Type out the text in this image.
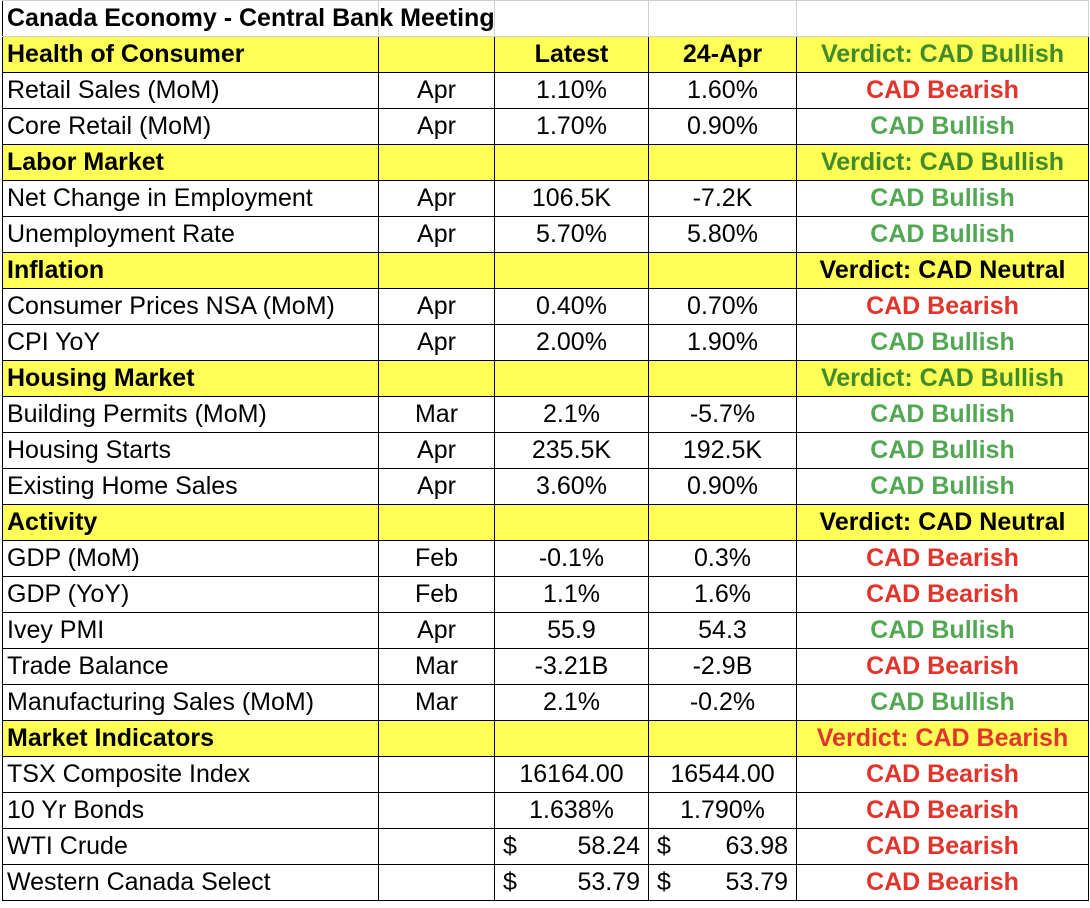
Canada Economy - Central Bank Meeting				
Health of Consumer		Latest	24-Apr	Verdict: CAD Bullish
Retail Sales (MoM)	Apr	1.10%	1.60%	CAD Bearish
Core Retail (MoM)	Apr	1.70%	0.90%	CAD Bullish
Labor Market				Verdict: CAD Bullish
Net Change in Employment	Apr	106.5K	-7.2K	CAD Bullish
Unemployment Rate	Apr	5.70%	5.80%	CAD Bullish
Inflation				Verdict: CAD Neutral
Consumer Prices NSA (MoM)	Apr	0.40%	0.70%	CAD Bearish
CPI YoY	Apr	2.00%	1.90%	CAD Bullish
Housing Market				Verdict: CAD Bullish
Building Permits (MoM)	Mar	2.1%	-5.7%	CAD Bullish
Housing Starts	Apr	235.5K	192.5K	CAD Bullish
Existing Home Sales	Apr	3.60%	0.90%	CAD Bullish
Activity				Verdict: CAD Neutral
GDP (MoM)	Feb	-0.1%	0.3%	CAD Bearish
GDP (YoY)	Feb	1.1%	1.6%	CAD Bearish
Ivey PMI	Apr	55.9	54.3	CAD Bullish
Trade Balance	Mar	-3.21B	-2.9B	CAD Bearish
Manufacturing Sales (MoM)	Mar	2.1%	-0.2%	CAD Bullish
Market Indicators				Verdict: CAD Bearish
TSX Composite Index		16164.00	16544.00	CAD Bearish
10 Yr Bonds		1.638%	1.790%	CAD Bearish
WTI Crude		$ 58.24	$ 63.98	CAD Bearish
Western Canada Select		$ 53.79	$ 53.79	CAD Bearish
